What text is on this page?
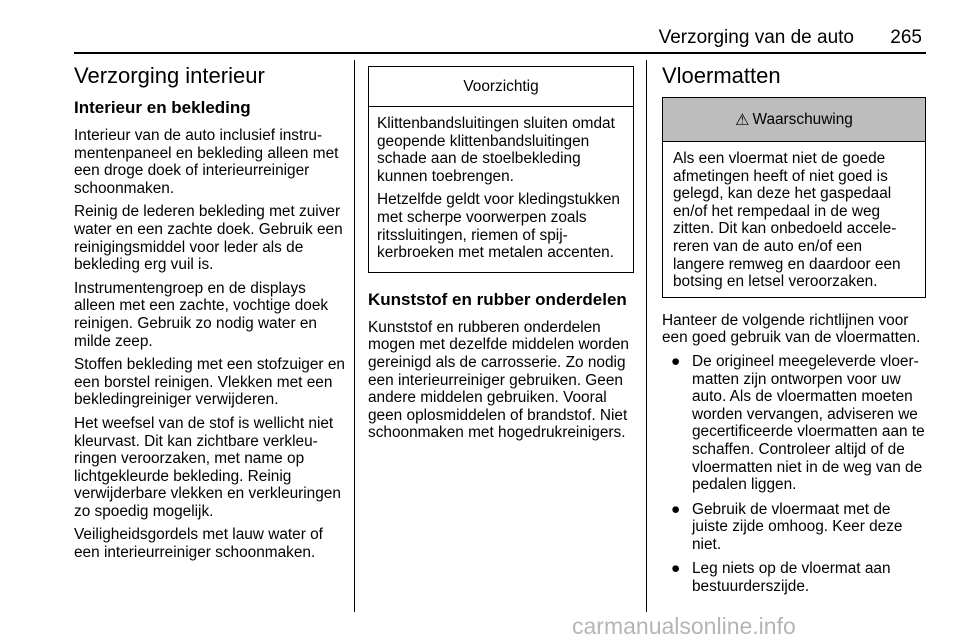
Verzorging van de auto 265
Verzorging interieur
Interieur en bekleding

Interieur van de auto inclusief instrumentenpaneel en bekleding alleen met een droge doek of interieurreiniger schoonmaken.

Reinig de lederen bekleding met zuiver water en een zachte doek. Gebruik een reinigingsmiddel voor leder als de bekleding erg vuil is.

Instrumentengroep en de displays alleen met een zachte, vochtige doek reinigen. Gebruik zo nodig water en milde zeep.

Stoffen bekleding met een stofzuiger en een borstel reinigen. Vlekken met een bekledingreiniger verwijderen.

Het weefsel van de stof is wellicht niet kleurvast. Dit kan zichtbare verkleuringen veroorzaken, met name op lichtgekleurde bekleding. Reinig verwijderbare vlekken en verkleuringen zo spoedig mogelijk.

Veiligheidsgordels met lauw water of een interieurreiniger schoonmaken.

Voorzichtig

Klittenbandsluitingen sluiten omdat geopende klittenbandsluitingen schade aan de stoelbekleding kunnen toebrengen.

Hetzelfde geldt voor kledingstukken met scherpe voorwerpen zoals ritssluitingen, riemen of spijkerbroeken met metalen accenten.

Kunststof en rubber onderdelen

Kunststof en rubberen onderdelen mogen met dezelfde middelen worden gereinigd als de carrosserie. Zo nodig een interieurreiniger gebruiken. Geen andere middelen gebruiken. Vooral geen oplosmiddelen of brandstof. Niet schoonmaken met hogedrukreinigers.

Vloermatten
⚠ Waarschuwing
Als een vloermat niet de goede afmetingen heeft of niet goed is gelegd, kan deze het gaspedaal en/of het rempedaal in de weg zitten. Dit kan onbedoeld accelereren van de auto en/of een langere remweg en daardoor een botsing en letsel veroorzaken.

Hanteer de volgende richtlijnen voor een goed gebruik van de vloermatten.

● De origineel meegeleverde vloermatten zijn ontworpen voor uw auto. Als de vloermatten moeten worden vervangen, adviseren we gecertificeerde vloermatten aan te schaffen. Controleer altijd of de vloermatten niet in de weg van de pedalen liggen.
● Gebruik de vloermaat met de juiste zijde omhoog. Keer deze niet.
● Leg niets op de vloermat aan bestuurderszijde.
carmanualsonline.info
